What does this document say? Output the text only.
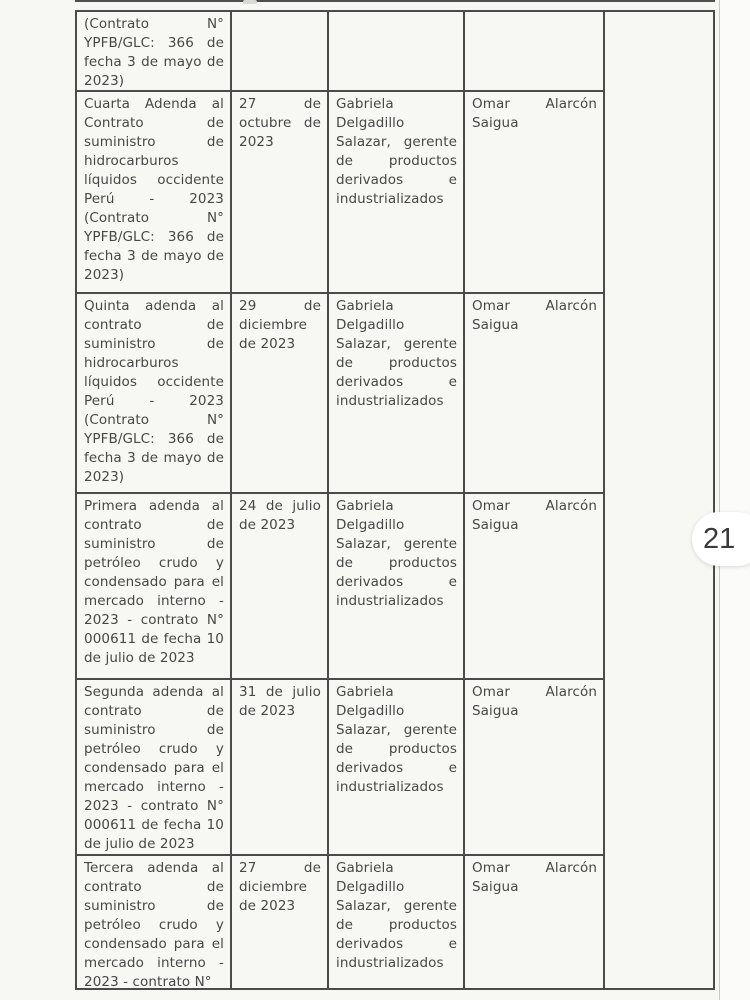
(Contrato N°
YPFB/GLC: 366 de
fecha 3 de mayo de
2023)
Cuarta Adenda al
Contrato de
suministro de
hidrocarburos
líquidos occidente
Perú - 2023
(Contrato N°
YPFB/GLC: 366 de
fecha 3 de mayo de
2023)
27 de
octubre de
2023
Gabriela
Delgadillo
Salazar, gerente
de productos
derivados e
industrializados
Omar Alarcón
Saigua
Quinta adenda al
contrato de
suministro de
hidrocarburos
líquidos occidente
Perú - 2023
(Contrato N°
YPFB/GLC: 366 de
fecha 3 de mayo de
2023)
29 de
diciembre
de 2023
Gabriela
Delgadillo
Salazar, gerente
de productos
derivados e
industrializados
Omar Alarcón
Saigua
Primera adenda al
contrato de
suministro de
petróleo crudo y
condensado para el
mercado interno -
2023 - contrato N°
000611 de fecha 10
de julio de 2023
24 de julio
de 2023
Gabriela
Delgadillo
Salazar, gerente
de productos
derivados e
industrializados
Omar Alarcón
Saigua
Segunda adenda al
contrato de
suministro de
petróleo crudo y
condensado para el
mercado interno -
2023 - contrato N°
000611 de fecha 10
de julio de 2023
31 de julio
de 2023
Gabriela
Delgadillo
Salazar, gerente
de productos
derivados e
industrializados
Omar Alarcón
Saigua
Tercera adenda al
contrato de
suministro de
petróleo crudo y
condensado para el
mercado interno -
2023 - contrato N°
27 de
diciembre
de 2023
Gabriela
Delgadillo
Salazar, gerente
de productos
derivados e
industrializados
Omar Alarcón
Saigua
21
